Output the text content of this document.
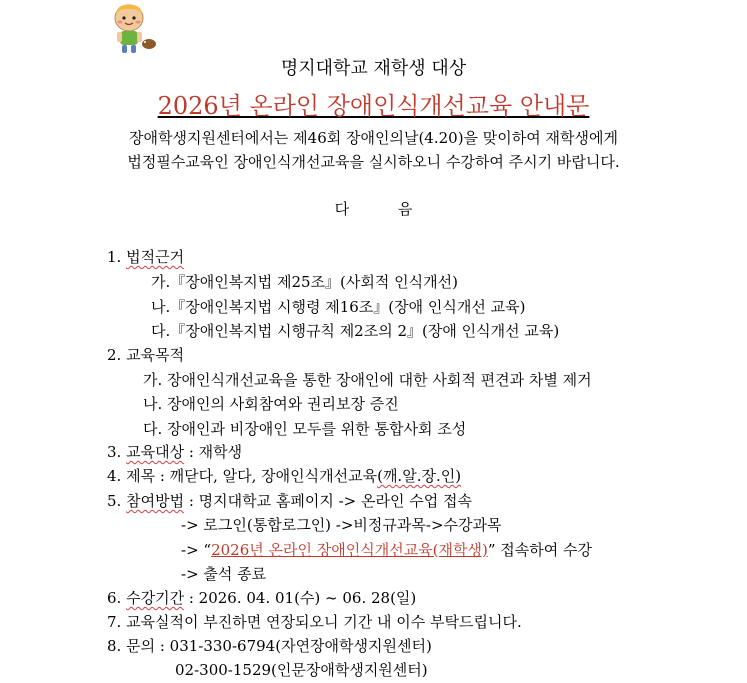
명지대학교 재학생 대상
2026년 온라인 장애인식개선교육 안내문
장애학생지원센터에서는 제46회 장애인의날(4.20)을 맞이하여 재학생에게
법정필수교육인 장애인식개선교육을 실시하오니 수강하여 주시기 바랍니다.
다 음
1. 법적근거
가.『장애인복지법 제25조』(사회적 인식개선)
나.『장애인복지법 시행령 제16조』(장애 인식개선 교육)
다.『장애인복지법 시행규칙 제2조의 2』(장애 인식개선 교육)
2. 교육목적
가. 장애인식개선교육을 통한 장애인에 대한 사회적 편견과 차별 제거
나. 장애인의 사회참여와 권리보장 증진
다. 장애인과 비장애인 모두를 위한 통합사회 조성
3. 교육대상 : 재학생
4. 제목 : 깨닫다, 알다, 장애인식개선교육(깨.알.장.인)
5. 참여방법 : 명지대학교 홈페이지 -> 온라인 수업 접속
-> 로그인(통합로그인) ->비정규과목->수강과목
-> “2026년 온라인 장애인식개선교육(재학생)” 접속하여 수강
-> 출석 종료
6. 수강기간 : 2026. 04. 01(수) ~ 06. 28(일)
7. 교육실적이 부진하면 연장되오니 기간 내 이수 부탁드립니다.
8. 문의 : 031-330-6794(자연장애학생지원센터)
02-300-1529(인문장애학생지원센터)
